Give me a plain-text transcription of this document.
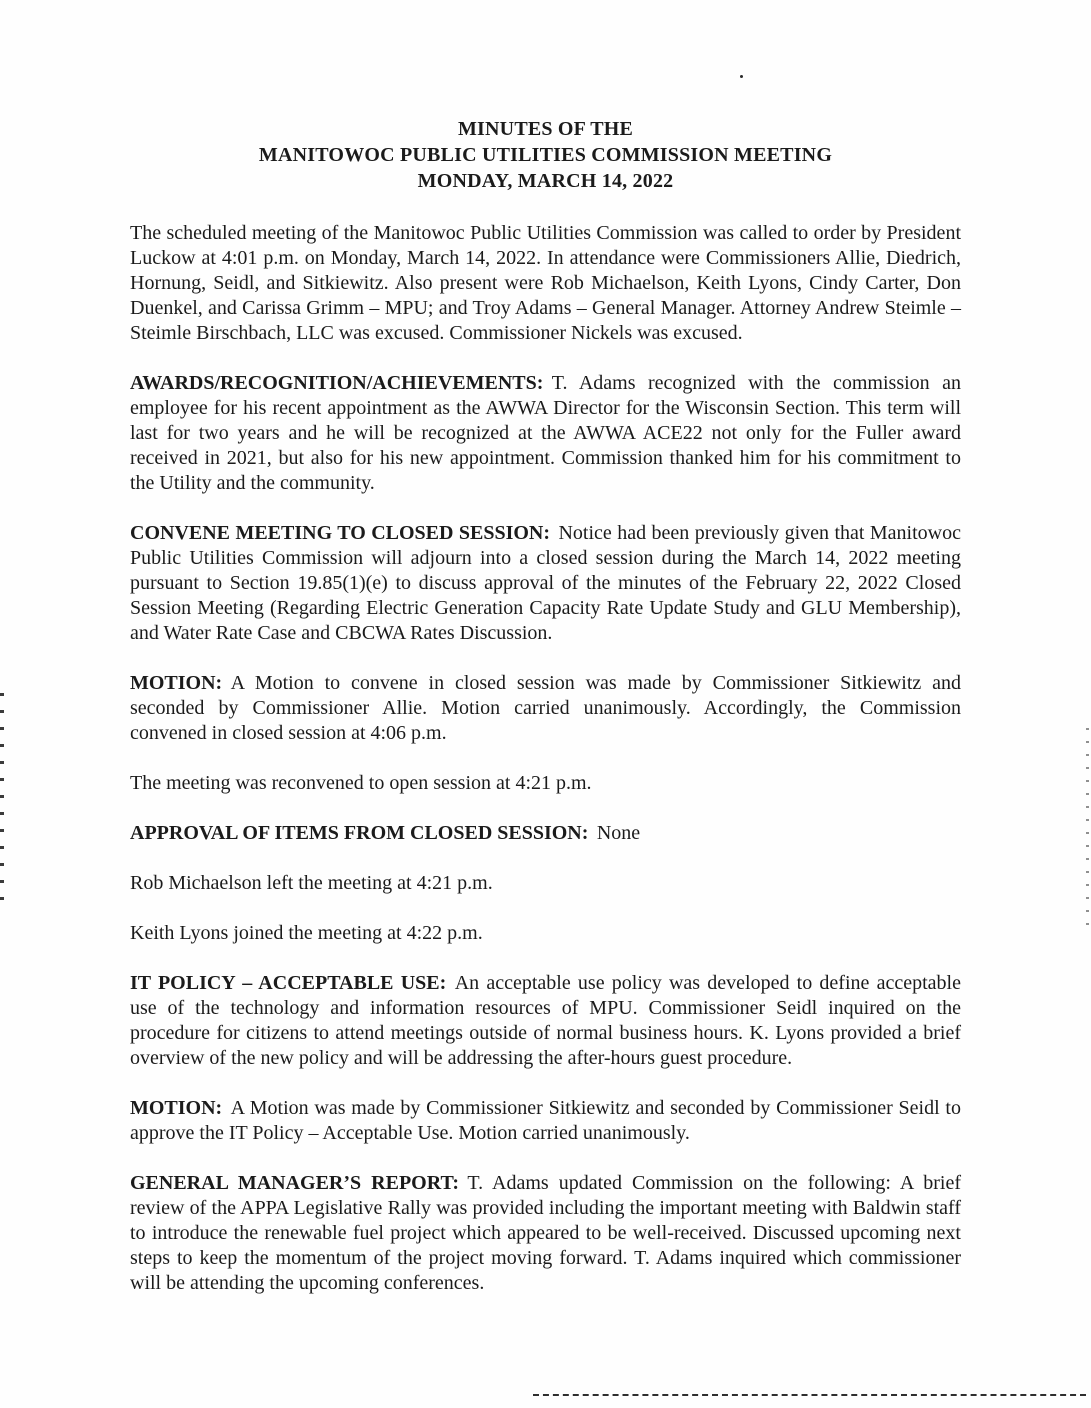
MINUTES OF THE
MANITOWOC PUBLIC UTILITIES COMMISSION MEETING
MONDAY, MARCH 14, 2022

The scheduled meeting of the Manitowoc Public Utilities Commission was called to order by President Luckow at 4:01 p.m. on Monday, March 14, 2022. In attendance were Commissioners Allie, Diedrich, Hornung, Seidl, and Sitkiewitz. Also present were Rob Michaelson, Keith Lyons, Cindy Carter, Don Duenkel, and Carissa Grimm – MPU; and Troy Adams – General Manager. Attorney Andrew Steimle – Steimle Birschbach, LLC was excused. Commissioner Nickels was excused.

AWARDS/RECOGNITION/ACHIEVEMENTS: T. Adams recognized with the commission an employee for his recent appointment as the AWWA Director for the Wisconsin Section. This term will last for two years and he will be recognized at the AWWA ACE22 not only for the Fuller award received in 2021, but also for his new appointment. Commission thanked him for his commitment to the Utility and the community.

CONVENE MEETING TO CLOSED SESSION: Notice had been previously given that Manitowoc Public Utilities Commission will adjourn into a closed session during the March 14, 2022 meeting pursuant to Section 19.85(1)(e) to discuss approval of the minutes of the February 22, 2022 Closed Session Meeting (Regarding Electric Generation Capacity Rate Update Study and GLU Membership), and Water Rate Case and CBCWA Rates Discussion.

MOTION: A Motion to convene in closed session was made by Commissioner Sitkiewitz and seconded by Commissioner Allie. Motion carried unanimously. Accordingly, the Commission convened in closed session at 4:06 p.m.

The meeting was reconvened to open session at 4:21 p.m.

APPROVAL OF ITEMS FROM CLOSED SESSION: None

Rob Michaelson left the meeting at 4:21 p.m.

Keith Lyons joined the meeting at 4:22 p.m.

IT POLICY – ACCEPTABLE USE: An acceptable use policy was developed to define acceptable use of the technology and information resources of MPU. Commissioner Seidl inquired on the procedure for citizens to attend meetings outside of normal business hours. K. Lyons provided a brief overview of the new policy and will be addressing the after-hours guest procedure.

MOTION: A Motion was made by Commissioner Sitkiewitz and seconded by Commissioner Seidl to approve the IT Policy – Acceptable Use. Motion carried unanimously.

GENERAL MANAGER’S REPORT: T. Adams updated Commission on the following: A brief review of the APPA Legislative Rally was provided including the important meeting with Baldwin staff to introduce the renewable fuel project which appeared to be well-received. Discussed upcoming next steps to keep the momentum of the project moving forward. T. Adams inquired which commissioner will be attending the upcoming conferences.
